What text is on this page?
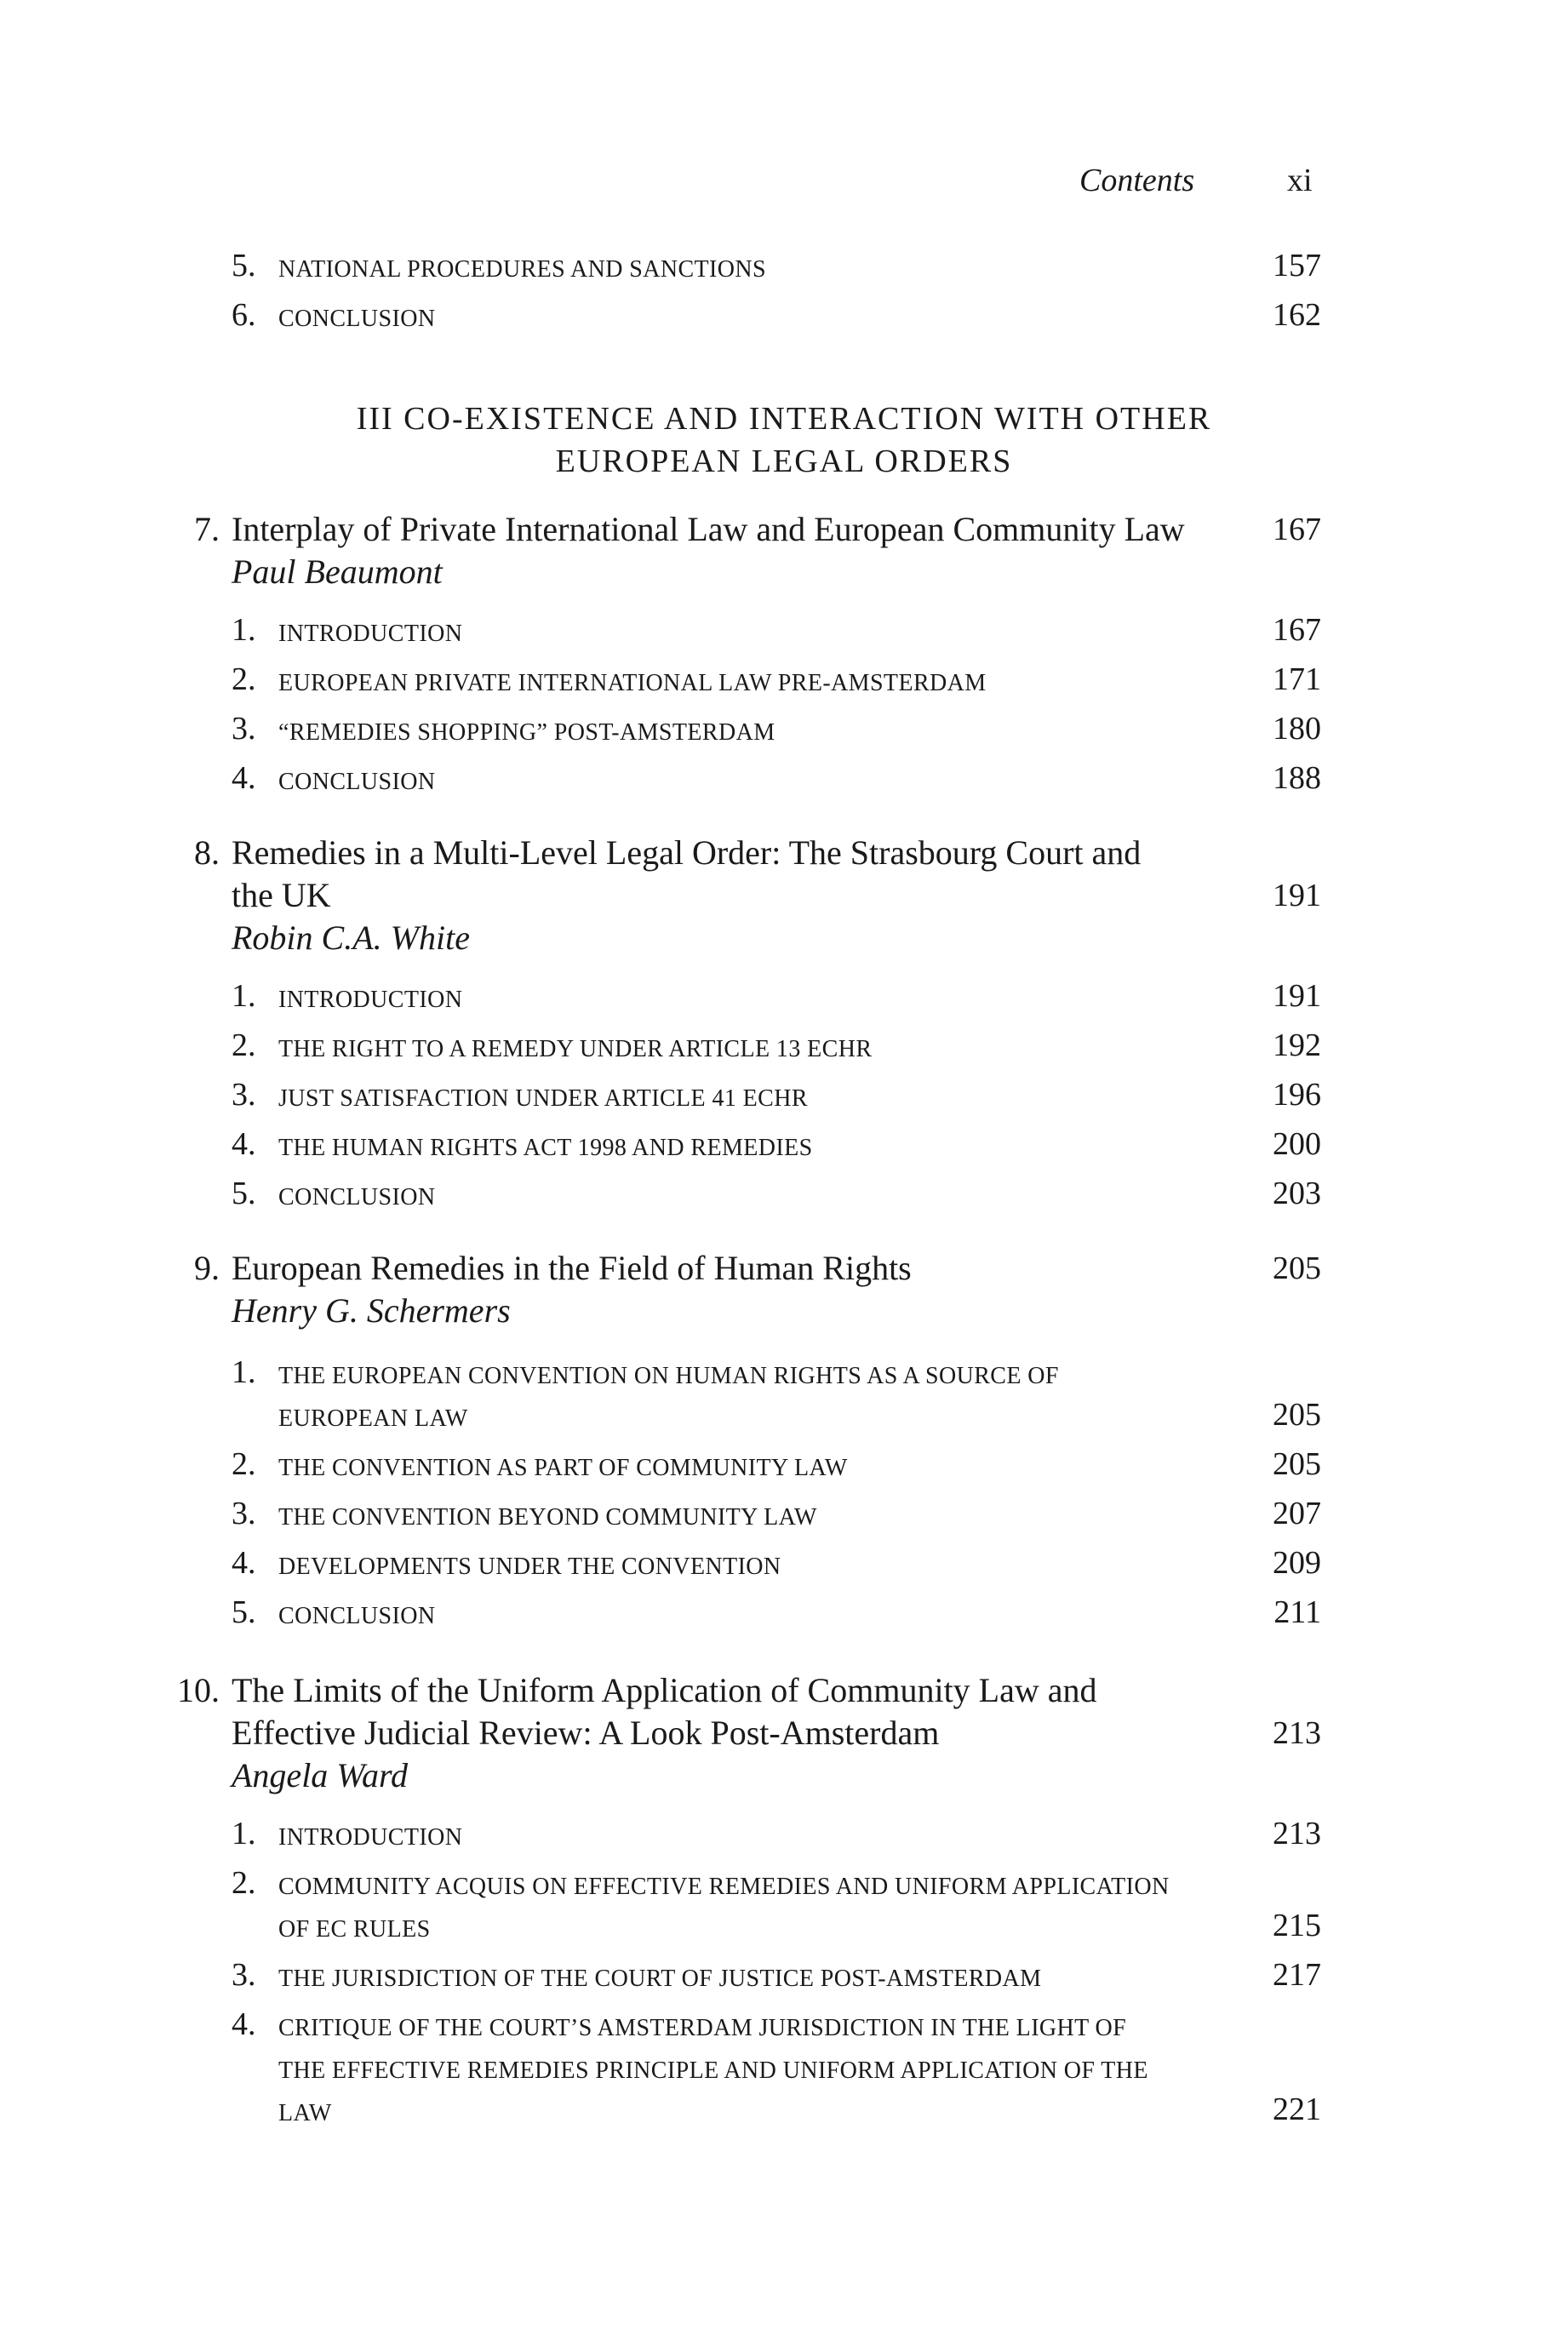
Contents	xi
5. NATIONAL PROCEDURES AND SANCTIONS	157
6. CONCLUSION	162
III CO-EXISTENCE AND INTERACTION WITH OTHER
EUROPEAN LEGAL ORDERS
7. Interplay of Private International Law and European Community Law	167
Paul Beaumont
1. INTRODUCTION	167
2. EUROPEAN PRIVATE INTERNATIONAL LAW PRE-AMSTERDAM	171
3. “REMEDIES SHOPPING” POST-AMSTERDAM	180
4. CONCLUSION	188
8. Remedies in a Multi-Level Legal Order: The Strasbourg Court and
the UK	191
Robin C.A. White
1. INTRODUCTION	191
2. THE RIGHT TO A REMEDY UNDER ARTICLE 13 ECHR	192
3. JUST SATISFACTION UNDER ARTICLE 41 ECHR	196
4. THE HUMAN RIGHTS ACT 1998 AND REMEDIES	200
5. CONCLUSION	203
9. European Remedies in the Field of Human Rights	205
Henry G. Schermers
1. THE EUROPEAN CONVENTION ON HUMAN RIGHTS AS A SOURCE OF
EUROPEAN LAW	205
2. THE CONVENTION AS PART OF COMMUNITY LAW	205
3. THE CONVENTION BEYOND COMMUNITY LAW	207
4. DEVELOPMENTS UNDER THE CONVENTION	209
5. CONCLUSION	211
10. The Limits of the Uniform Application of Community Law and
Effective Judicial Review: A Look Post-Amsterdam	213
Angela Ward
1. INTRODUCTION	213
2. COMMUNITY ACQUIS ON EFFECTIVE REMEDIES AND UNIFORM APPLICATION
OF EC RULES	215
3. THE JURISDICTION OF THE COURT OF JUSTICE POST-AMSTERDAM	217
4. CRITIQUE OF THE COURT’S AMSTERDAM JURISDICTION IN THE LIGHT OF
THE EFFECTIVE REMEDIES PRINCIPLE AND UNIFORM APPLICATION OF THE
LAW	221
